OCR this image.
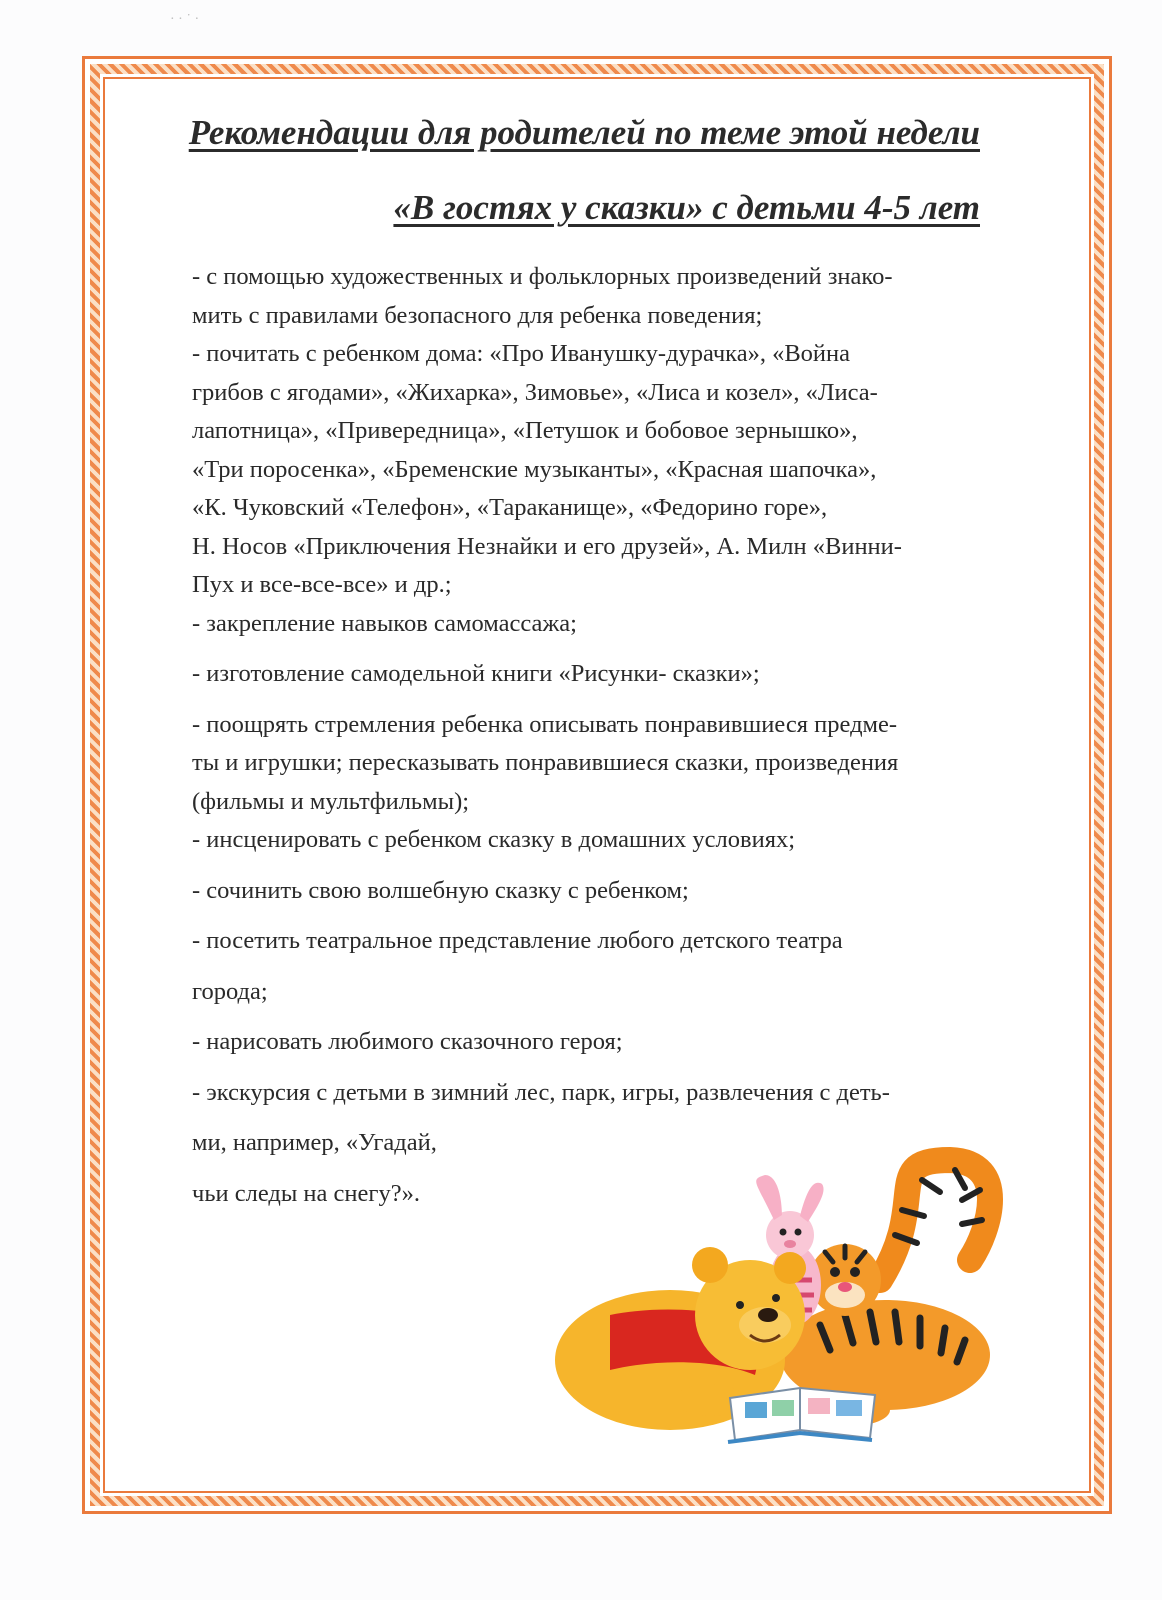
· · ˙ ·
Рекомендации для родителей по теме этой недели
«В гостях у сказки» с детьми 4-5 лет
- с помощью художественных и фольклорных произведений знако-
мить с правилами безопасного для ребенка поведения;
- почитать с ребенком дома: «Про Иванушку-дурачка», «Война
грибов с ягодами», «Жихарка», Зимовье», «Лиса и козел», «Лиса-
лапотница», «Привередница», «Петушок и бобовое зернышко»,
«Три поросенка», «Бременские музыканты», «Красная шапочка»,
«К. Чуковский «Телефон», «Тараканище», «Федорино горе»,
Н. Носов «Приключения Незнайки и его друзей», А. Милн «Винни-
Пух и все-все-все» и др.;
- закрепление навыков самомассажа;
- изготовление самодельной книги «Рисунки- сказки»;
- поощрять стремления ребенка описывать понравившиеся предме-
ты и игрушки; пересказывать понравившиеся сказки, произведения
(фильмы и мультфильмы);
- инсценировать с ребенком сказку в домашних условиях;
- сочинить свою волшебную сказку с ребенком;
- посетить театральное представление любого детского театра
города;
- нарисовать любимого сказочного героя;
- экскурсия с детьми в зимний лес, парк, игры, развлечения с деть-
ми, например, «Угадай,
чьи следы на снегу?».
